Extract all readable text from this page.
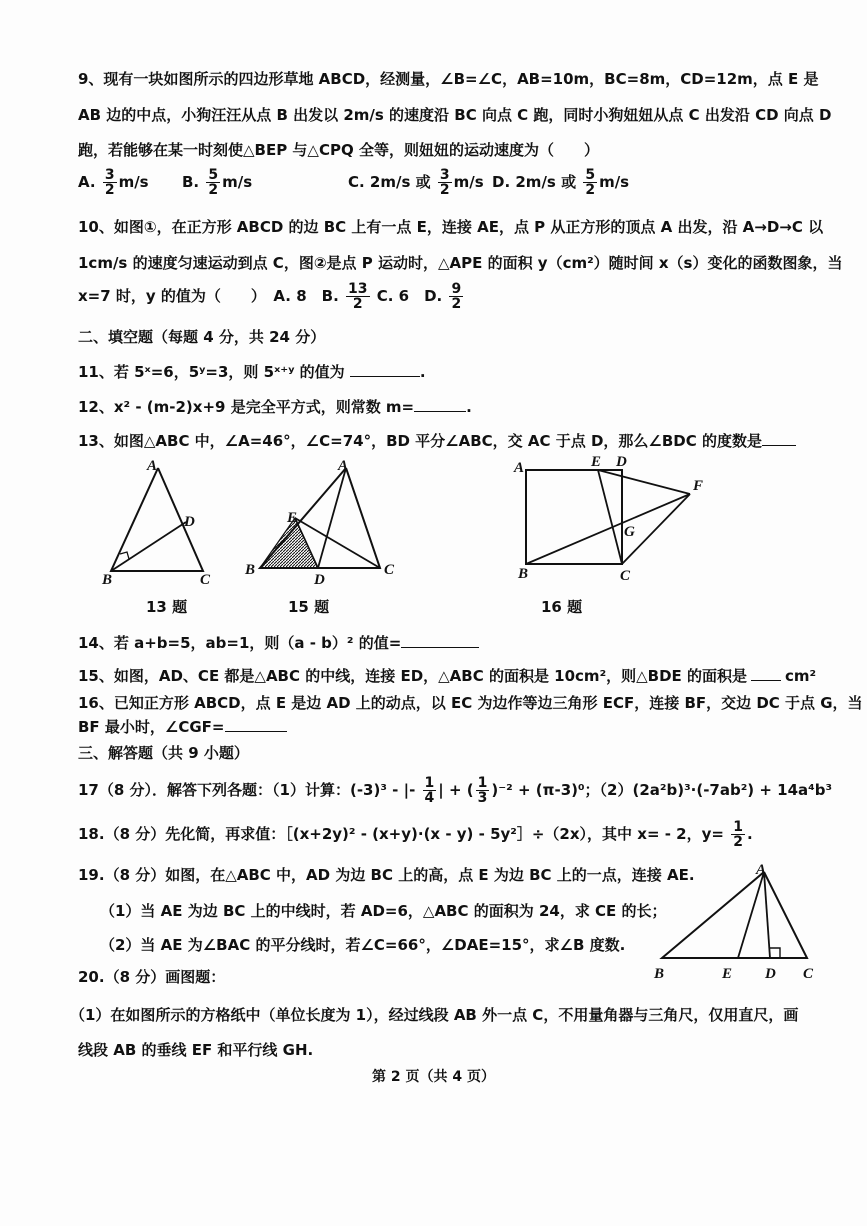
9、现有一块如图所示的四边形草地 ABCD，经测量，∠B=∠C，AB=10m，BC=8m，CD=12m，点 E 是
AB 边的中点，小狗汪汪从点 B 出发以 2m/s 的速度沿 BC 向点 C 跑，同时小狗妞妞从点 C 出发沿 CD 向点 D
跑，若能够在某一时刻使△BEP 与△CPQ 全等，则妞妞的运动速度为（　　）
A. $\frac{3}{2} m/s$ B. $\frac{5}{2} m/s$	C. 2m/s 或 $\frac{3}{2} m/s$ D. 2m/s 或 $\frac{5}{2} m/s$
10、如图①，在正方形 ABCD 的边 BC 上有一点 E，连接 AE，点 P 从正方形的顶点 A 出发，沿 A→D→C 以
1cm/s 的速度匀速运动到点 C，图②是点 P 运动时，△APE 的面积 y（cm²）随时间 x（s）变化的函数图象，当
x=7 时，y 的值为（　　）　A. 8　B. $\frac{13}{2} C$. 6　D. $\frac{9}{2}$
二、填空题（每题 4 分，共 24 分）
11、若 5ˣ=6，5ʸ=3，则 5ˣ⁺ʸ 的值为	.
12、x² - (m-2)x+9 是完全平方式，则常数 m=	.
13、如图△ABC 中，∠A=46°，∠C=74°，BD 平分∠ABC，交 AC 于点 D，那么∠BDC 的度数是
A
D
B	C
13 题
A
E
B
D
C
15 题
A	E D
F
G
B	C
16 题
14、若 a+b=5，ab=1，则（a - b）² 的值=
15、如图，AD、CE 都是△ABC 的中线，连接 ED，△ABC 的面积是 10cm²，则△BDE 的面积是	cm²
16、已知正方形 ABCD，点 E 是边 AD 上的动点，以 EC 为边作等边三角形 ECF，连接 BF，交边 DC 于点 G，当
BF 最小时，∠CGF=
三、解答题（共 9 小题）
17（8 分）．解答下列各题：（1）计算：(-3)³ - |- $\frac{1}{4}$ | + ( $\frac{1}{3} )^{-2} + (\pi-3)^0$；（2）(2a²b)³·(-7ab²) + 14a⁴b³
18.（8 分）先化简，再求值：［(x+2y)² - (x+y)·(x - y) - 5y²］÷（2x），其中 x= - 2，$y= \frac{1}{2}$ .
19.（8 分）如图，在△ABC 中，AD 为边 BC 上的高，点 E 为边 BC 上的一点，连接 AE.
（1）当 AE 为边 BC 上的中线时，若 AD=6，△ABC 的面积为 24，求 CE 的长；
（2）当 AE 为∠BAC 的平分线时，若∠C=66°，∠DAE=15°，求∠B 度数.
A
B	E D C
20.（8 分）画图题：
（1）在如图所示的方格纸中（单位长度为 1），经过线段 AB 外一点 C，不用量角器与三角尺，仅用直尺，画
线段 AB 的垂线 EF 和平行线 GH.
第 2 页（共 4 页）
